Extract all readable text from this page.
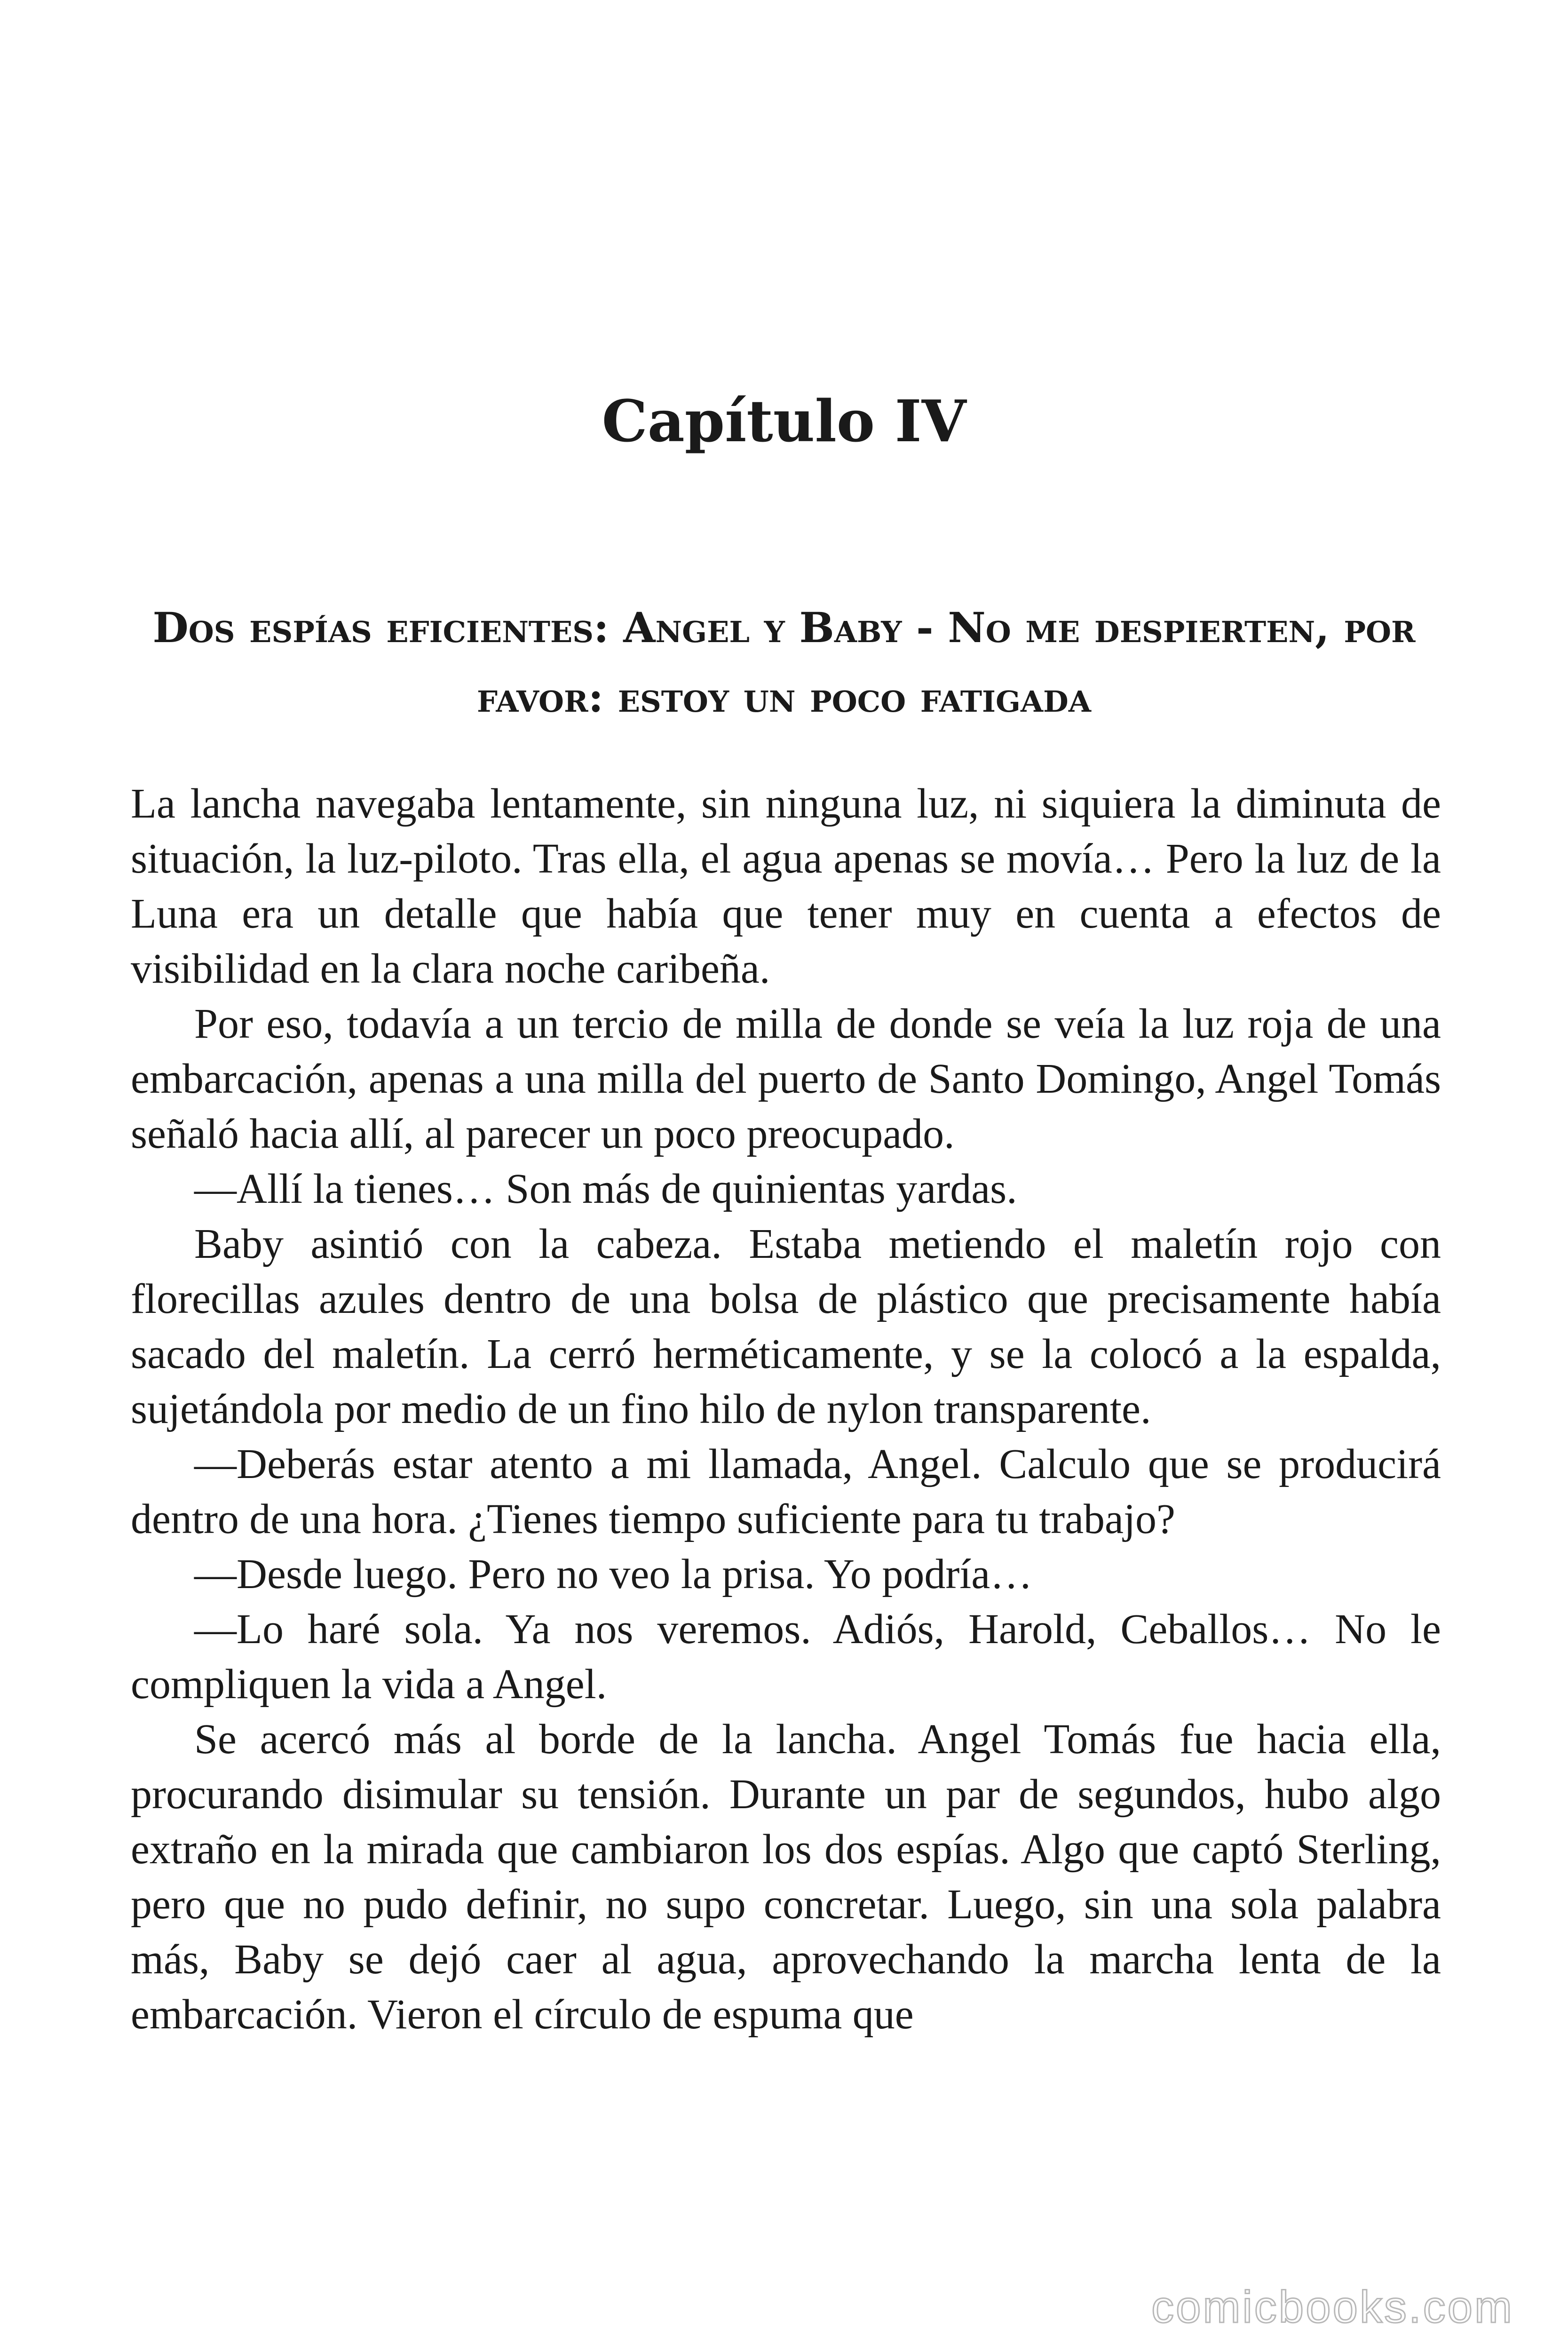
Capítulo IV
Dos espías eficientes: Angel y Baby - No me despierten, por favor: estoy un poco fatigada

La lancha navegaba lentamente, sin ninguna luz, ni siquiera la diminuta de situación, la luz-piloto. Tras ella, el agua apenas se movía… Pero la luz de la Luna era un detalle que había que tener muy en cuenta a efectos de visibilidad en la clara noche caribeña.

Por eso, todavía a un tercio de milla de donde se veía la luz roja de una embarcación, apenas a una milla del puerto de Santo Domingo, Angel Tomás señaló hacia allí, al parecer un poco preocupado.

—Allí la tienes… Son más de quinientas yardas.

Baby asintió con la cabeza. Estaba metiendo el maletín rojo con florecillas azules dentro de una bolsa de plástico que precisamente había sacado del maletín. La cerró herméticamente, y se la colocó a la espalda, sujetándola por medio de un fino hilo de nylon transparente.

—Deberás estar atento a mi llamada, Angel. Calculo que se producirá dentro de una hora. ¿Tienes tiempo suficiente para tu trabajo?

—Desde luego. Pero no veo la prisa. Yo podría…

—Lo haré sola. Ya nos veremos. Adiós, Harold, Ceballos… No le compliquen la vida a Angel.

Se acercó más al borde de la lancha. Angel Tomás fue hacia ella, procurando disimular su tensión. Durante un par de segundos, hubo algo extraño en la mirada que cambiaron los dos espías. Algo que captó Sterling, pero que no pudo definir, no supo concretar. Luego, sin una sola palabra más, Baby se dejó caer al agua, aprovechando la marcha lenta de la embarcación. Vieron el círculo de espuma que

comicbooks.com
